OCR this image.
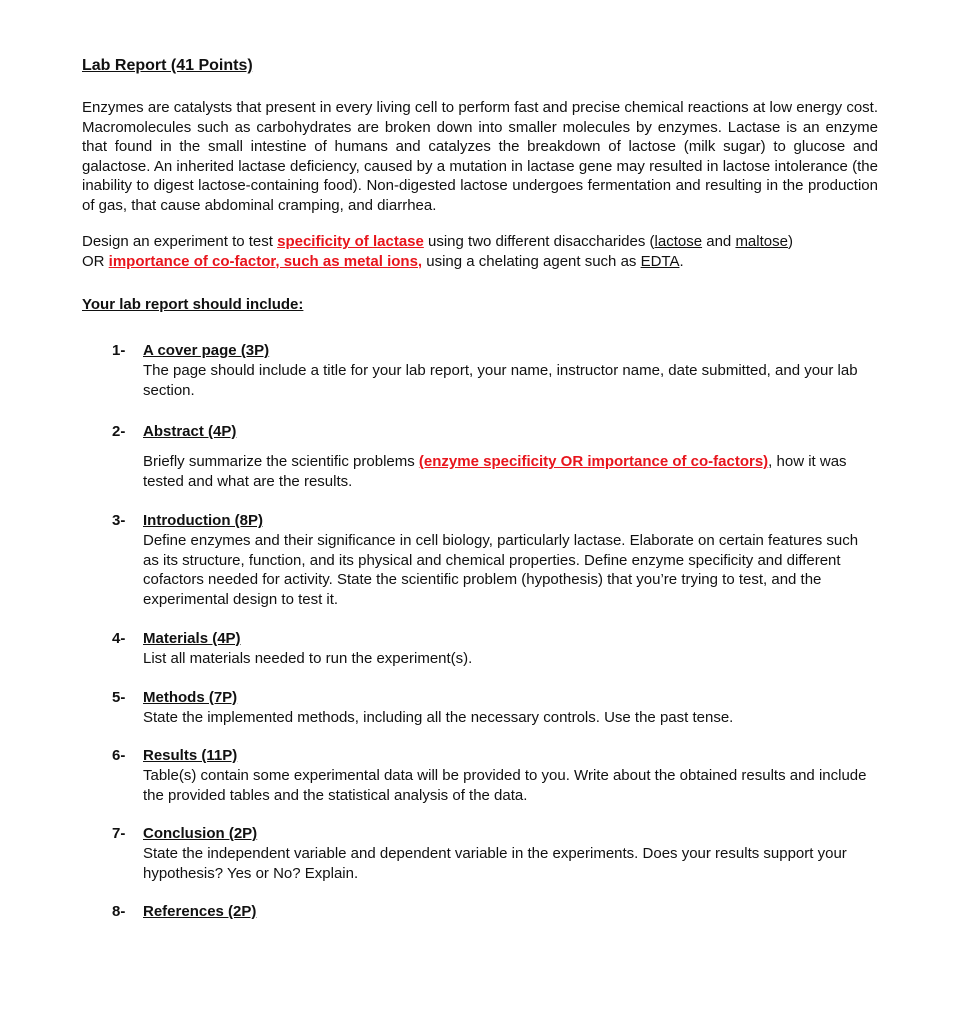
Lab Report (41 Points)

Enzymes are catalysts that present in every living cell to perform fast and precise chemical reactions at low energy cost. Macromolecules such as carbohydrates are broken down into smaller molecules by enzymes. Lactase is an enzyme that found in the small intestine of humans and catalyzes the breakdown of lactose (milk sugar) to glucose and galactose. An inherited lactase deficiency, caused by a mutation in lactase gene may resulted in lactose intolerance (the inability to digest lactose-containing food). Non-digested lactose undergoes fermentation and resulting in the production of gas, that cause abdominal cramping, and diarrhea.

Design an experiment to test specificity of lactase using two different disaccharides (lactose and maltose)
OR importance of co-factor, such as metal ions, using a chelating agent such as EDTA.

Your lab report should include:
1- A cover page (3P)
The page should include a title for your lab report, your name, instructor name, date submitted, and your lab section.
2- Abstract (4P)
Briefly summarize the scientific problems (enzyme specificity OR importance of co-factors), how it was tested and what are the results.
3- Introduction (8P)
Define enzymes and their significance in cell biology, particularly lactase. Elaborate on certain features such as its structure, function, and its physical and chemical properties. Define enzyme specificity and different cofactors needed for activity. State the scientific problem (hypothesis) that you’re trying to test, and the experimental design to test it.
4- Materials (4P)
List all materials needed to run the experiment(s).
5- Methods (7P)
State the implemented methods, including all the necessary controls. Use the past tense.
6- Results (11P)
Table(s) contain some experimental data will be provided to you. Write about the obtained results and include the provided tables and the statistical analysis of the data.
7- Conclusion (2P)
State the independent variable and dependent variable in the experiments. Does your results support your hypothesis? Yes or No? Explain.
8- References (2P)
